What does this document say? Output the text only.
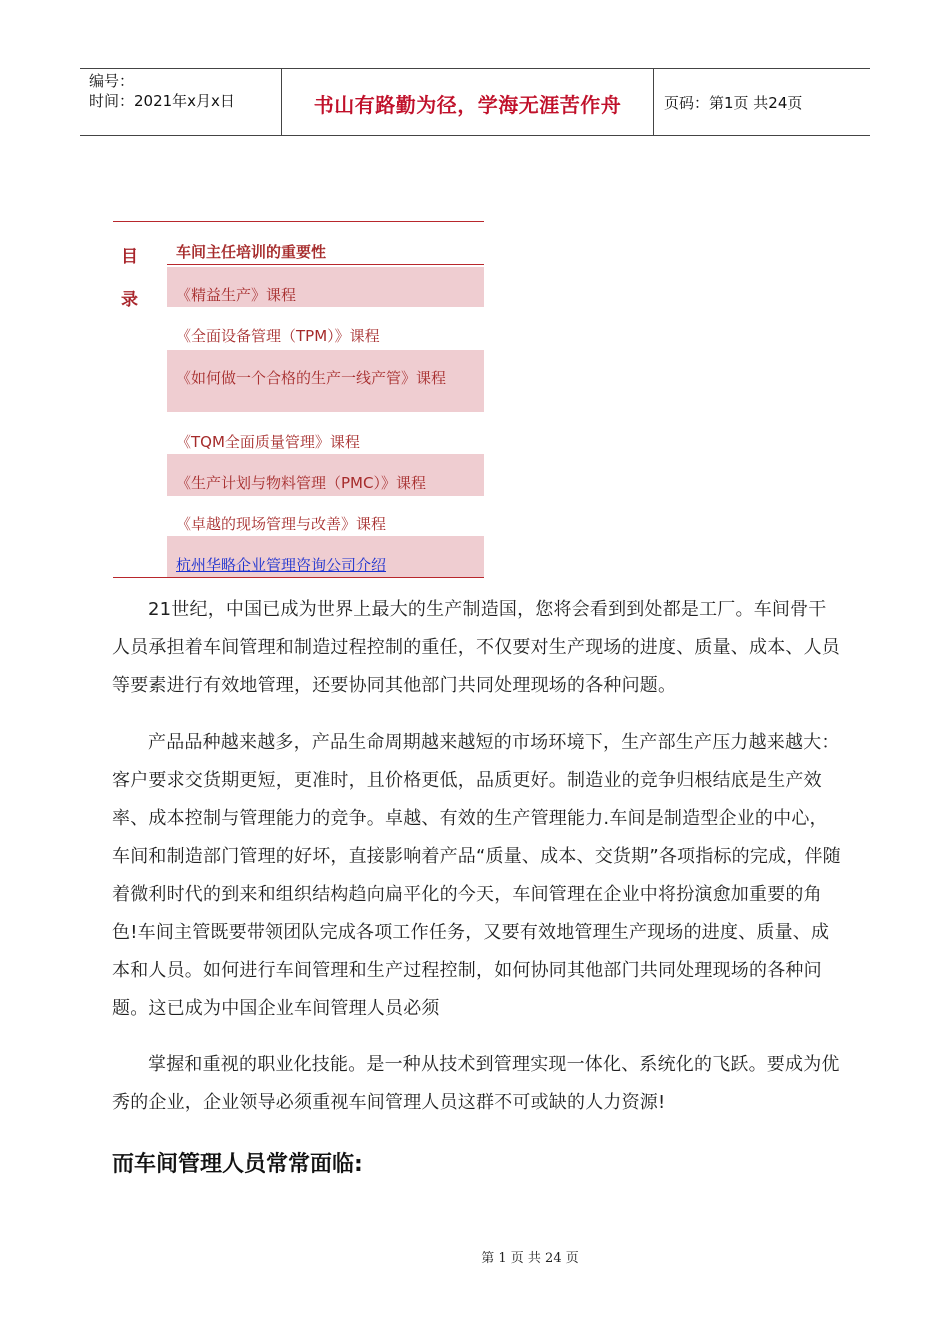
编号：
时间：2021年x月x日	书山有路勤为径，学海无涯苦作舟	页码：第1页 共24页
目
录
车间主任培训的重要性
《精益生产》课程
《全面设备管理（TPM）》课程
《如何做一个合格的生产一线产管》课程
《TQM全面质量管理》课程
《生产计划与物料管理（PMC）》课程
《卓越的现场管理与改善》课程
杭州华略企业管理咨询公司介绍
21世纪，中国已成为世界上最大的生产制造国，您将会看到到处都是工厂。车间骨干人员承担着车间管理和制造过程控制的重任，不仅要对生产现场的进度、质量、成本、人员等要素进行有效地管理，还要协同其他部门共同处理现场的各种问题。
产品品种越来越多，产品生命周期越来越短的市场环境下，生产部生产压力越来越大：客户要求交货期更短，更准时，且价格更低，品质更好。制造业的竞争归根结底是生产效率、成本控制与管理能力的竞争。卓越、有效的生产管理能力.车间是制造型企业的中心，车间和制造部门管理的好坏，直接影响着产品“质量、成本、交货期”各项指标的完成，伴随着微利时代的到来和组织结构趋向扁平化的今天，车间管理在企业中将扮演愈加重要的角色!车间主管既要带领团队完成各项工作任务，又要有效地管理生产现场的进度、质量、成本和人员。如何进行车间管理和生产过程控制，如何协同其他部门共同处理现场的各种问题。这已成为中国企业车间管理人员必须
掌握和重视的职业化技能。是一种从技术到管理实现一体化、系统化的飞跃。要成为优秀的企业，企业领导必须重视车间管理人员这群不可或缺的人力资源!
而车间管理人员常常面临:
第 1 页 共 24 页
